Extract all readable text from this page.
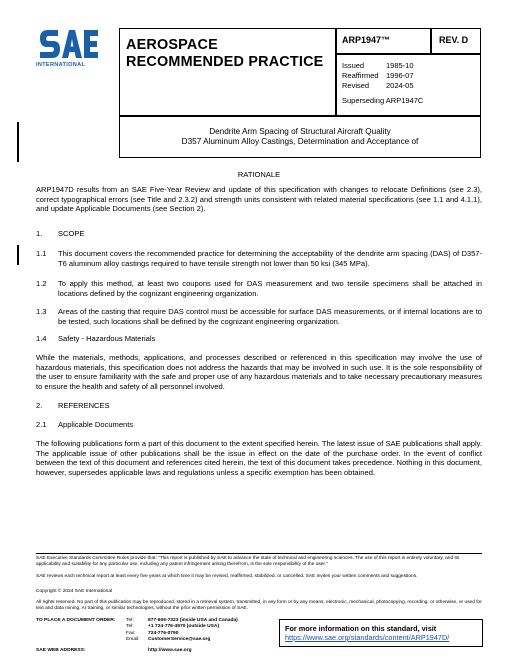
INTERNATIONAL
AEROSPACE
RECOMMENDED PRACTICE
ARP1947™	REV. D
Issued	1985-10
Reaffirmed 1996-07
Revised	2024-05
Superseding ARP1947C
Dendrite Arm Spacing of Structural Aircraft Quality
D357 Aluminum Alloy Castings, Determination and Acceptance of
RATIONALE
ARP1947D results from an SAE Five-Year Review and update of this specification with changes to relocate Definitions (see 2.3), correct typographical errors (see Title and 2.3.2) and strength units consistent with related material specifications (see 1.1 and 4.1.1), and update Applicable Documents (see Section 2).
1. SCOPE
1.1 This document covers the recommended practice for determining the acceptability of the dendrite arm spacing (DAS) of D357-T6 aluminum alloy castings required to have tensile strength not lower than 50 ksi (345 MPa).
1.2 To apply this method, at least two coupons used for DAS measurement and two tensile specimens shall be attached in locations defined by the cognizant engineering organization.
1.3 Areas of the casting that require DAS control must be accessible for surface DAS measurements, or if internal locations are to be tested, such locations shall be defined by the cognizant engineering organization.
1.4 Safety - Hazardous Materials
While the materials, methods, applications, and processes described or referenced in this specification may involve the use of hazardous materials, this specification does not address the hazards that may be involved in such use. It is the sole responsibility of the user to ensure familiarity with the safe and proper use of any hazardous materials and to take necessary precautionary measures to ensure the health and safety of all personnel involved.
2. REFERENCES
2.1 Applicable Documents
The following publications form a part of this document to the extent specified herein. The latest issue of SAE publications shall apply. The applicable issue of other publications shall be the issue in effect on the date of the purchase order. In the event of conflict between the text of this document and references cited herein, the text of this document takes precedence. Nothing in this document, however, supersedes applicable laws and regulations unless a specific exemption has been obtained.
SAE Executive Standards Committee Rules provide that: “This report is published by SAE to advance the state of technical and engineering sciences. The use of this report is entirely voluntary, and its applicability and suitability for any particular use, including any patent infringement arising therefrom, is the sole responsibility of the user.”
SAE reviews each technical report at least every five years at which time it may be revised, reaffirmed, stabilized, or cancelled. SAE invites your written comments and suggestions.
Copyright © 2024 SAE International
All rights reserved. No part of this publication may be reproduced, stored in a retrieval system, transmitted, in any form or by any means, electronic, mechanical, photocopying, recording, or otherwise, or used for text and data mining, AI training, or similar technologies, without the prior written permission of SAE.
TO PLACE A DOCUMENT ORDER: Tel:	877-606-7323 (inside USA and Canada)
Tel:	+1 724-776-4970 (outside USA)
Fax:	724-776-0790
Email: CustomerService@sae.org
SAE WEB ADDRESS:	http://www.sae.org
For more information on this standard, visit
https://www.sae.org/standards/content/ARP1947D/
